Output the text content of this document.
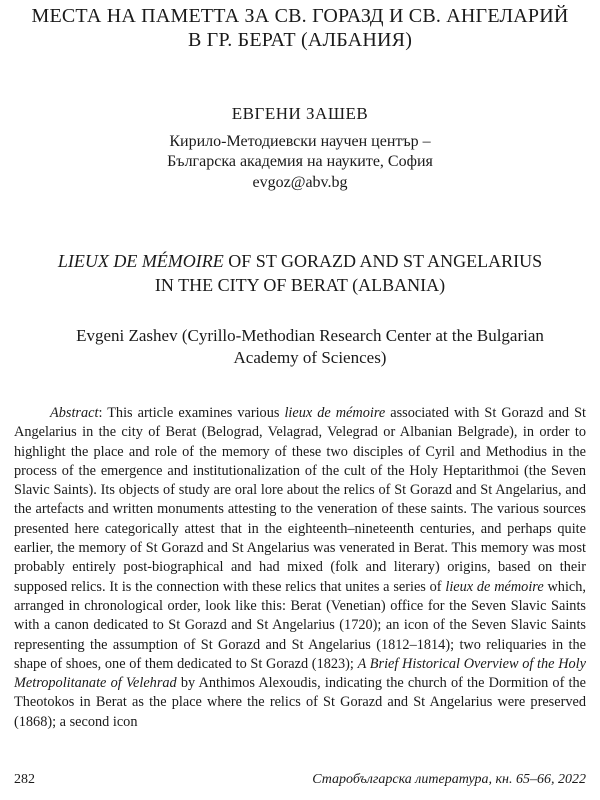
МЕСТА НА ПАМЕТТА ЗА СВ. ГОРАЗД И СВ. АНГЕЛАРИЙ
В ГР. БЕРАТ (АЛБАНИЯ)
ЕВГЕНИ ЗАШЕВ
Кирило-Методиевски научен център –
Българска академия на науките, София
evgoz@abv.bg
LIEUX DE MÉMOIRE OF ST GORAZD AND ST ANGELARIUS
IN THE CITY OF BERAT (ALBANIA)
Evgeni Zashev (Cyrillo-Methodian Research Center at the Bulgarian
Academy of Sciences)

Abstract: This article examines various lieux de mémoire associated with St Gorazd and St Angelarius in the city of Berat (Belograd, Velagrad, Velegrad or Albanian Belgrade), in order to highlight the place and role of the memory of these two disciples of Cyril and Methodius in the process of the emergence and institutionalization of the cult of the Holy Heptarithmoi (the Seven Slavic Saints). Its objects of study are oral lore about the relics of St Gorazd and St Angelarius, and the artefacts and written monuments attesting to the veneration of these saints. The various sources presented here categorically attest that in the eighteenth–nineteenth centuries, and perhaps quite earlier, the memory of St Gorazd and St Angelarius was venerated in Berat. This memory was most probably entirely post-biographical and had mixed (folk and literary) origins, based on their supposed relics. It is the connection with these relics that unites a series of lieux de mémoire which, arranged in chronological order, look like this: Berat (Venetian) office for the Seven Slavic Saints with a canon dedicated to St Gorazd and St Angelarius (1720); an icon of the Seven Slavic Saints representing the assumption of St Gorazd and St Angelarius (1812–1814); two reliquaries in the shape of shoes, one of them dedicated to St Gorazd (1823); A Brief Historical Overview of the Holy Metropolitanate of Velehrad by Anthimos Alexoudis, indicating the church of the Dormition of the Theotokos in Berat as the place where the relics of St Gorazd and St Angelarius were preserved (1868); a second icon

282	Старобългарска литература, кн. 65–66, 2022
